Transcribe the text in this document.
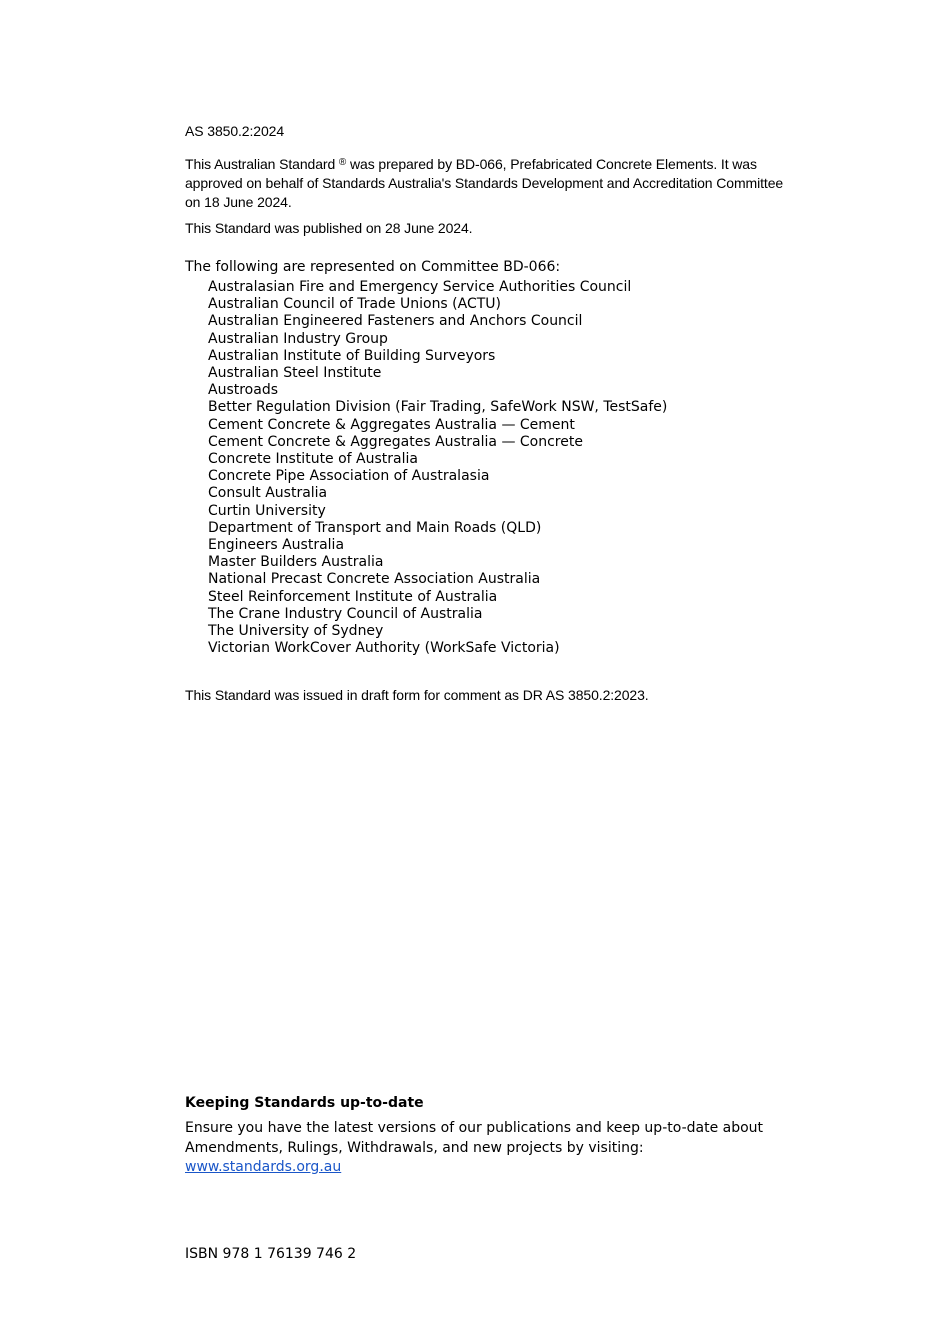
AS 3850.2:2024
This Australian Standard ® was prepared by BD-066, Prefabricated Concrete Elements. It was approved on behalf of Standards Australia's Standards Development and Accreditation Committee on 18 June 2024.
This Standard was published on 28 June 2024.
The following are represented on Committee BD-066:
Australasian Fire and Emergency Service Authorities Council
Australian Council of Trade Unions (ACTU)
Australian Engineered Fasteners and Anchors Council
Australian Industry Group
Australian Institute of Building Surveyors
Australian Steel Institute
Austroads
Better Regulation Division (Fair Trading, SafeWork NSW, TestSafe)
Cement Concrete & Aggregates Australia — Cement
Cement Concrete & Aggregates Australia — Concrete
Concrete Institute of Australia
Concrete Pipe Association of Australasia
Consult Australia
Curtin University
Department of Transport and Main Roads (QLD)
Engineers Australia
Master Builders Australia
National Precast Concrete Association Australia
Steel Reinforcement Institute of Australia
The Crane Industry Council of Australia
The University of Sydney
Victorian WorkCover Authority (WorkSafe Victoria)
This Standard was issued in draft form for comment as DR AS 3850.2:2023.
Keeping Standards up-to-date
Ensure you have the latest versions of our publications and keep up-to-date about Amendments, Rulings, Withdrawals, and new projects by visiting:
www.standards.org.au
ISBN 978 1 76139 746 2
